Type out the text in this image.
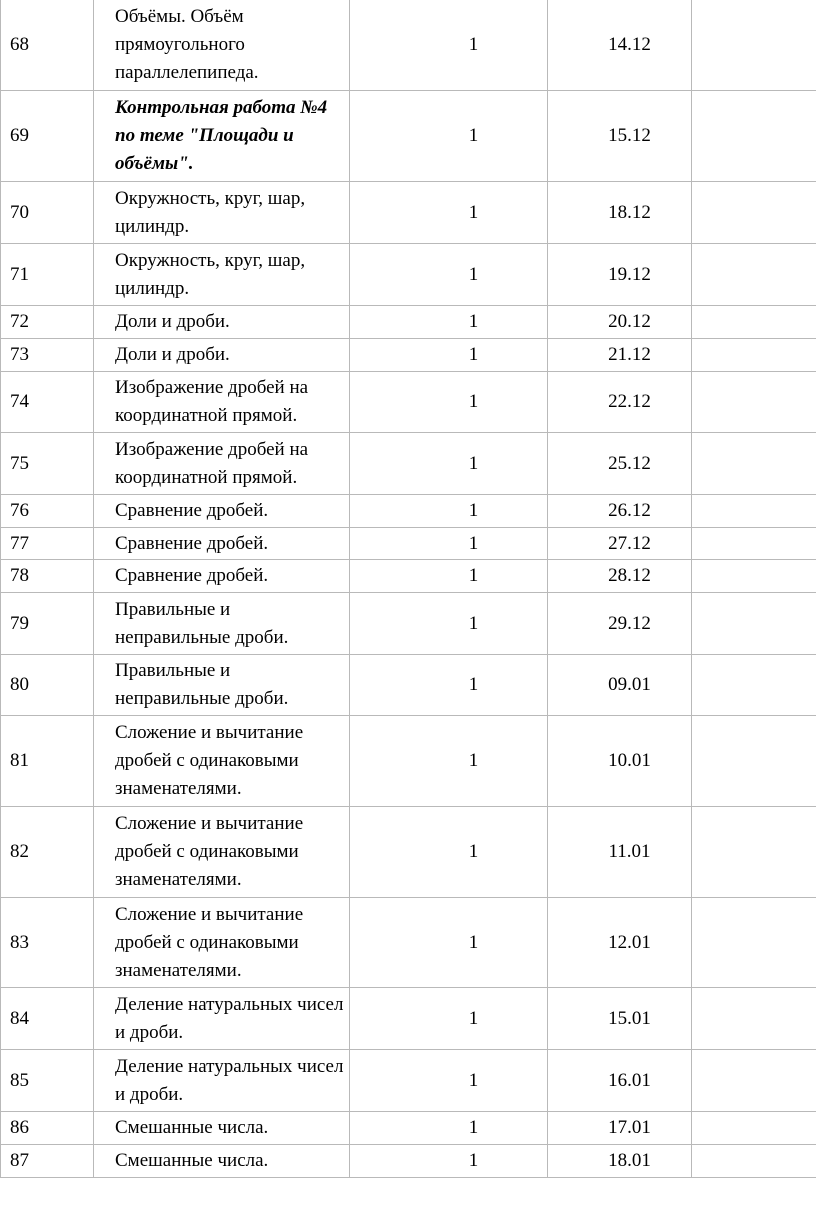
68	Объёмы. Объём прямоугольного параллелепипеда.	1	14.12	
69	Контрольная работа №4 по теме "Площади и объёмы".	1	15.12	
70	Окружность, круг, шар, цилиндр.	1	18.12	
71	Окружность, круг, шар, цилиндр.	1	19.12	
72	Доли и дроби.	1	20.12	
73	Доли и дроби.	1	21.12	
74	Изображение дробей на координатной прямой.	1	22.12	
75	Изображение дробей на координатной прямой.	1	25.12	
76	Сравнение дробей.	1	26.12	
77	Сравнение дробей.	1	27.12	
78	Сравнение дробей.	1	28.12	
79	Правильные и неправильные дроби.	1	29.12	
80	Правильные и неправильные дроби.	1	09.01	
81	Сложение и вычитание дробей с одинаковыми знаменателями.	1	10.01	
82	Сложение и вычитание дробей с одинаковыми знаменателями.	1	11.01	
83	Сложение и вычитание дробей с одинаковыми знаменателями.	1	12.01	
84	Деление натуральных чисел и дроби.	1	15.01	
85	Деление натуральных чисел и дроби.	1	16.01	
86	Смешанные числа.	1	17.01	
87	Смешанные числа.	1	18.01	
